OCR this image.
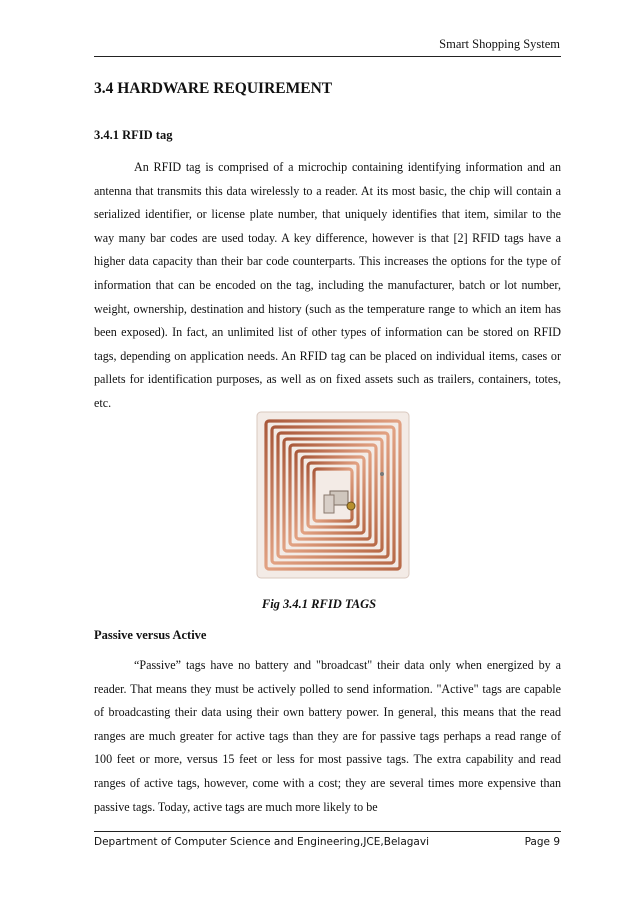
Smart Shopping System
3.4 HARDWARE REQUIREMENT
3.4.1 RFID tag

An RFID tag is comprised of a microchip containing identifying information and an antenna that transmits this data wirelessly to a reader. At its most basic, the chip will contain a serialized identifier, or license plate number, that uniquely identifies that item, similar to the way many bar codes are used today. A key difference, however is that [2] RFID tags have a higher data capacity than their bar code counterparts. This increases the options for the type of information that can be encoded on the tag, including the manufacturer, batch or lot number, weight, ownership, destination and history (such as the temperature range to which an item has been exposed). In fact, an unlimited list of other types of information can be stored on RFID tags, depending on application needs. An RFID tag can be placed on individual items, cases or pallets for identification purposes, as well as on fixed assets such as trailers, containers, totes, etc.

Fig 3.4.1 RFID TAGS
Passive versus Active

“Passive” tags have no battery and "broadcast" their data only when energized by a reader. That means they must be actively polled to send information. "Active" tags are capable of broadcasting their data using their own battery power. In general, this means that the read ranges are much greater for active tags than they are for passive tags perhaps a read range of 100 feet or more, versus 15 feet or less for most passive tags. The extra capability and read ranges of active tags, however, come with a cost; they are several times more expensive than passive tags. Today, active tags are much more likely to be

Department of Computer Science and Engineering,JCE,Belagavi	Page 9
